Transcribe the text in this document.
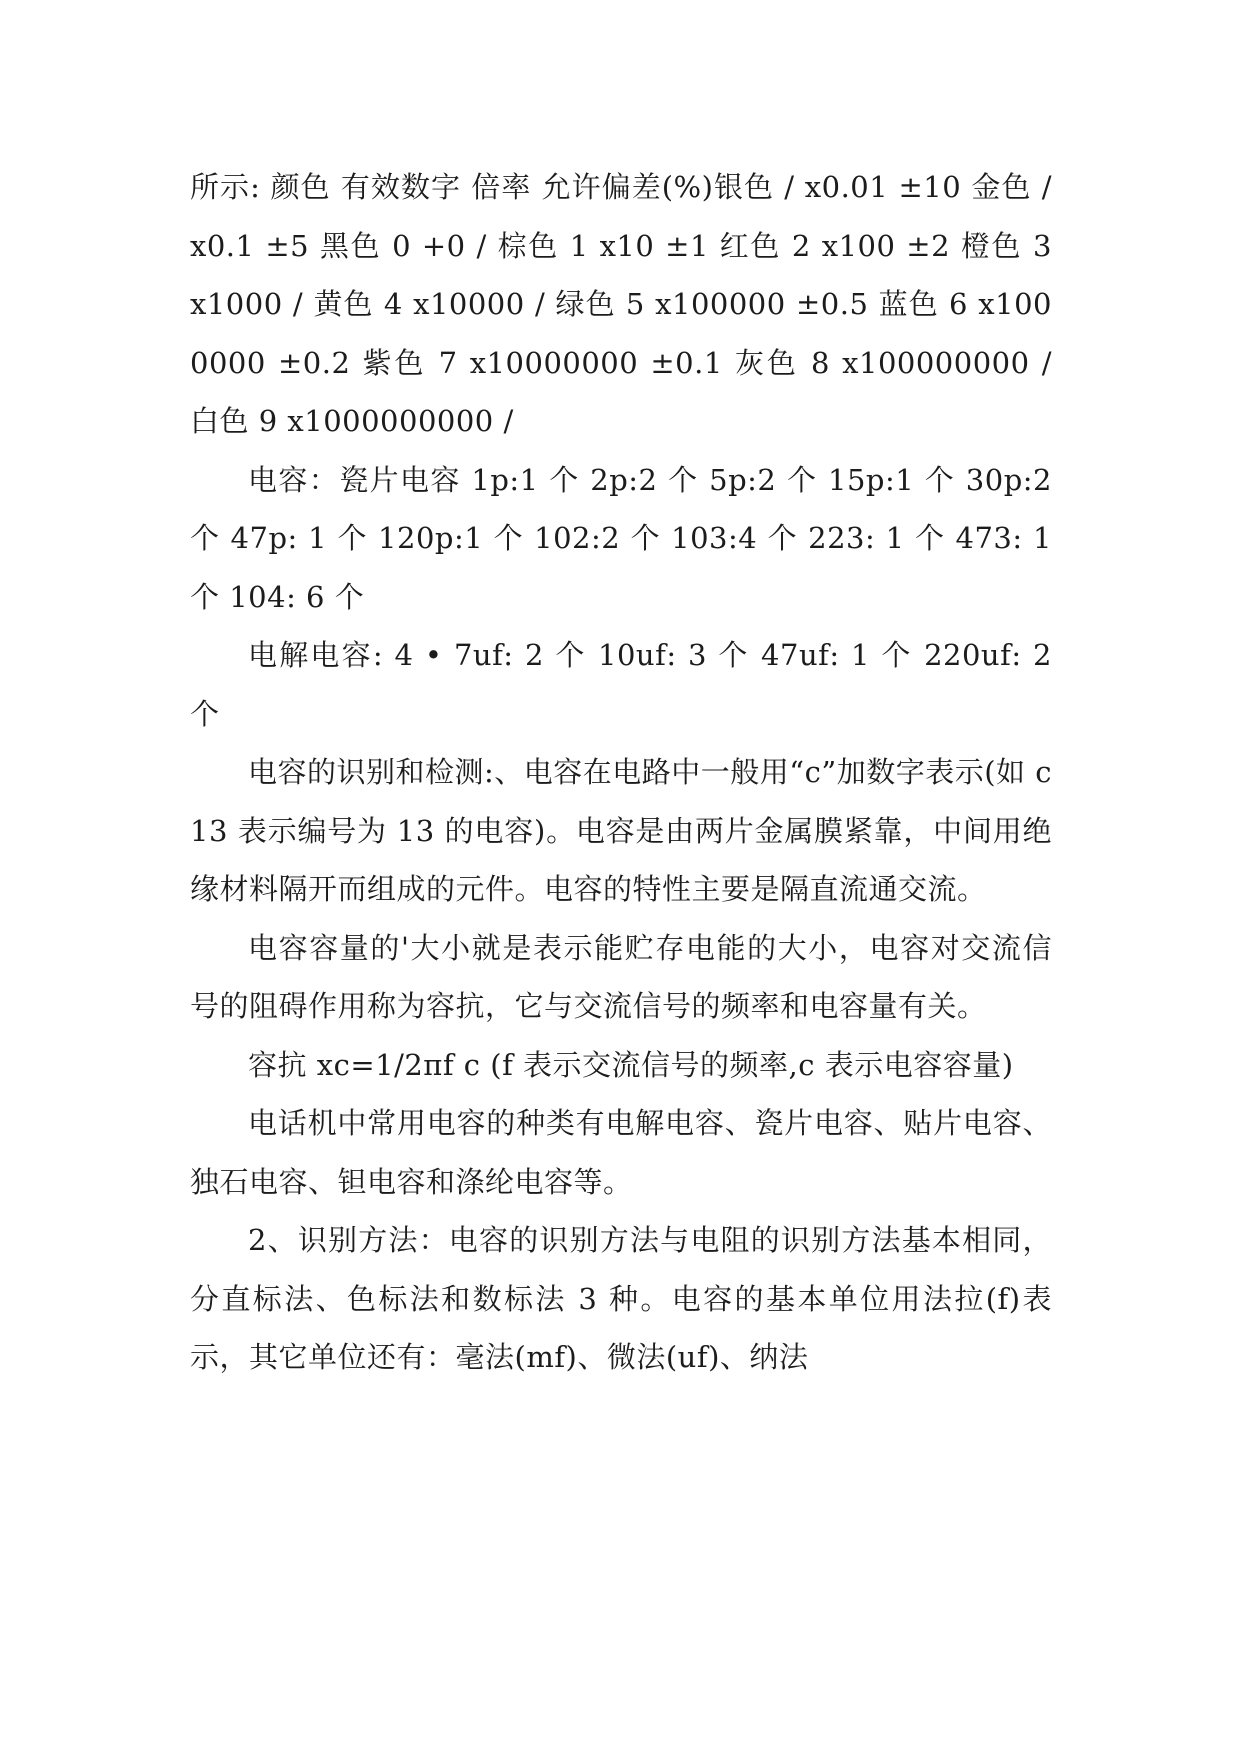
所示: 颜色 有效数字 倍率 允许偏差(%)银色 / x0.01 ±10 金色 / x0.1 ±5 黑色 0 +0 / 棕色 1 x10 ±1 红色 2 x100 ±2 橙色 3 x1000 / 黄色 4 x10000 / 绿色 5 x100000 ±0.5 蓝色 6 x1000000 ±0.2 紫色 7 x10000000 ±0.1 灰色 8 x100000000 / 白色 9 x1000000000 /

电容：瓷片电容 1p:1 个 2p:2 个 5p:2 个 15p:1 个 30p:2 个 47p: 1 个 120p:1 个 102:2 个 103:4 个 223: 1 个 473: 1 个 104: 6 个

电解电容: 4 • 7uf: 2 个 10uf: 3 个 47uf: 1 个 220uf: 2 个

电容的识别和检测:、电容在电路中一般用“c”加数字表示(如 c13 表示编号为 13 的电容)。电容是由两片金属膜紧靠，中间用绝缘材料隔开而组成的元件。电容的特性主要是隔直流通交流。

电容容量的'大小就是表示能贮存电能的大小，电容对交流信号的阻碍作用称为容抗，它与交流信号的频率和电容量有关。

容抗 xc=1/2πf c (f 表示交流信号的频率,c 表示电容容量)

电话机中常用电容的种类有电解电容、瓷片电容、贴片电容、独石电容、钽电容和涤纶电容等。

2、识别方法：电容的识别方法与电阻的识别方法基本相同，分直标法、色标法和数标法 3 种。电容的基本单位用法拉(f)表示，其它单位还有：毫法(mf)、微法(uf)、纳法
